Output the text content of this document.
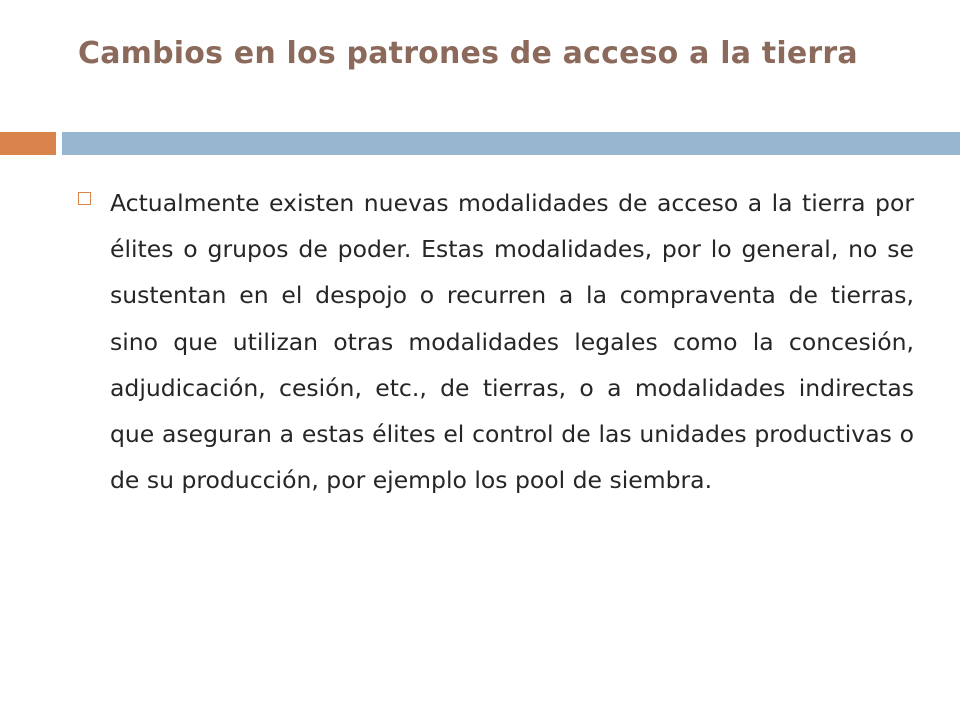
Cambios en los patrones de acceso a la tierra

Actualmente existen nuevas modalidades de acceso a la tierra por élites o grupos de poder. Estas modalidades, por lo general, no se sustentan en el despojo o recurren a la compraventa de tierras, sino que utilizan otras modalidades legales como la concesión, adjudicación, cesión, etc., de tierras, o a modalidades indirectas que aseguran a estas élites el control de las unidades productivas o de su producción, por ejemplo los pool de siembra.
